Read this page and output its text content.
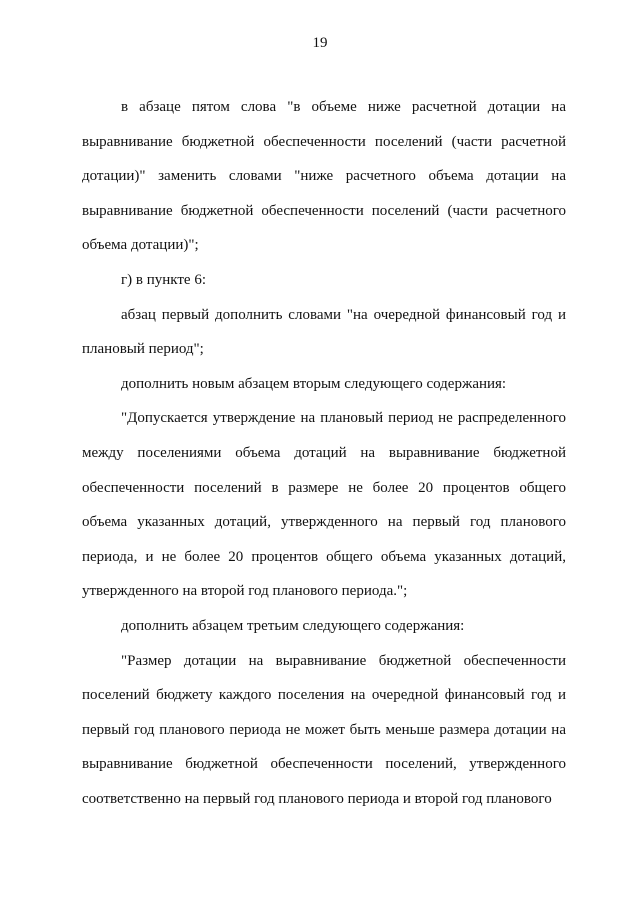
19

в абзаце пятом слова "в объеме ниже расчетной дотации на выравнивание бюджетной обеспеченности поселений (части расчетной дотации)" заменить словами "ниже расчетного объема дотации на выравнивание бюджетной обеспеченности поселений (части расчетного объема дотации)";

г) в пункте 6:

абзац первый дополнить словами "на очередной финансовый год и плановый период";

дополнить новым абзацем вторым следующего содержания:

"Допускается утверждение на плановый период не распределенного между поселениями объема дотаций на выравнивание бюджетной обеспеченности поселений в размере не более 20 процентов общего объема указанных дотаций, утвержденного на первый год планового периода, и не более 20 процентов общего объема указанных дотаций, утвержденного на второй год планового периода.";

дополнить абзацем третьим следующего содержания:

"Размер дотации на выравнивание бюджетной обеспеченности поселений бюджету каждого поселения на очередной финансовый год и первый год планового периода не может быть меньше размера дотации на выравнивание бюджетной обеспеченности поселений, утвержденного соответственно на первый год планового периода и второй год планового
